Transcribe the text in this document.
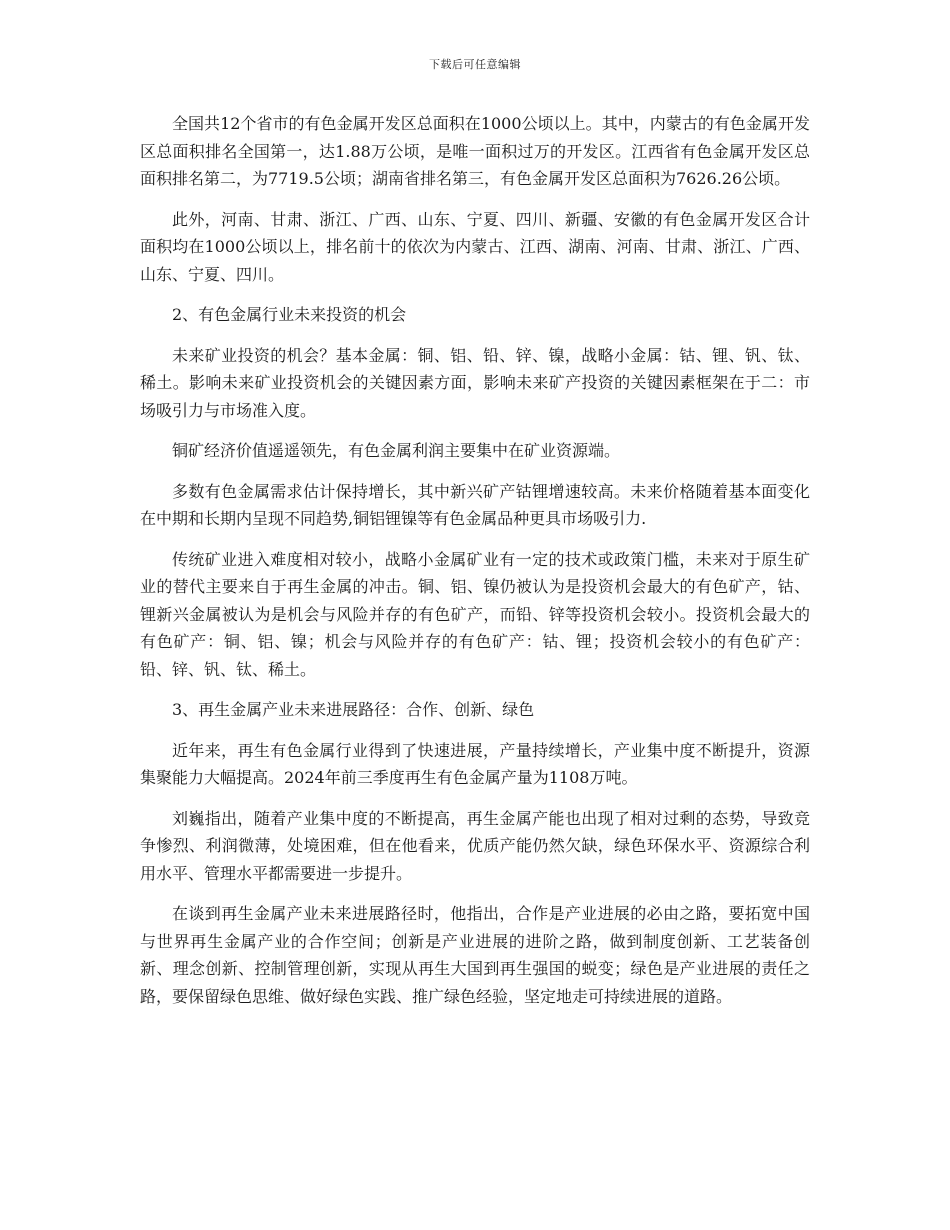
下载后可任意编辑

全国共12个省市的有色金属开发区总面积在1000公顷以上。其中，内蒙古的有色金属开发区总面积排名全国第一，达1.88万公顷，是唯一面积过万的开发区。江西省有色金属开发区总面积排名第二，为7719.5公顷；湖南省排名第三，有色金属开发区总面积为7626.26公顷。

此外，河南、甘肃、浙江、广西、山东、宁夏、四川、新疆、安徽的有色金属开发区合计面积均在1000公顷以上，排名前十的依次为内蒙古、江西、湖南、河南、甘肃、浙江、广西、山东、宁夏、四川。

2、有色金属行业未来投资的机会

未来矿业投资的机会？基本金属：铜、铝、铅、锌、镍，战略小金属：钴、锂、钒、钛、稀土。影响未来矿业投资机会的关键因素方面，影响未来矿产投资的关键因素框架在于二：市场吸引力与市场准入度。

铜矿经济价值遥遥领先，有色金属利润主要集中在矿业资源端。

多数有色金属需求估计保持增长，其中新兴矿产钴锂增速较高。未来价格随着基本面变化在中期和长期内呈现不同趋势,铜铝锂镍等有色金属品种更具市场吸引力.

传统矿业进入难度相对较小，战略小金属矿业有一定的技术或政策门槛，未来对于原生矿业的替代主要来自于再生金属的冲击。铜、铝、镍仍被认为是投资机会最大的有色矿产，钴、锂新兴金属被认为是机会与风险并存的有色矿产，而铅、锌等投资机会较小。投资机会最大的有色矿产：铜、铝、镍；机会与风险并存的有色矿产：钴、锂；投资机会较小的有色矿产：铅、锌、钒、钛、稀土。

3、再生金属产业未来进展路径：合作、创新、绿色

近年来，再生有色金属行业得到了快速进展，产量持续增长，产业集中度不断提升，资源集聚能力大幅提高。2024年前三季度再生有色金属产量为1108万吨。

刘巍指出，随着产业集中度的不断提高，再生金属产能也出现了相对过剩的态势，导致竞争惨烈、利润微薄，处境困难，但在他看来，优质产能仍然欠缺，绿色环保水平、资源综合利用水平、管理水平都需要进一步提升。

在谈到再生金属产业未来进展路径时，他指出，合作是产业进展的必由之路，要拓宽中国与世界再生金属产业的合作空间；创新是产业进展的进阶之路，做到制度创新、工艺装备创新、理念创新、控制管理创新，实现从再生大国到再生强国的蜕变；绿色是产业进展的责任之路，要保留绿色思维、做好绿色实践、推广绿色经验，坚定地走可持续进展的道路。
